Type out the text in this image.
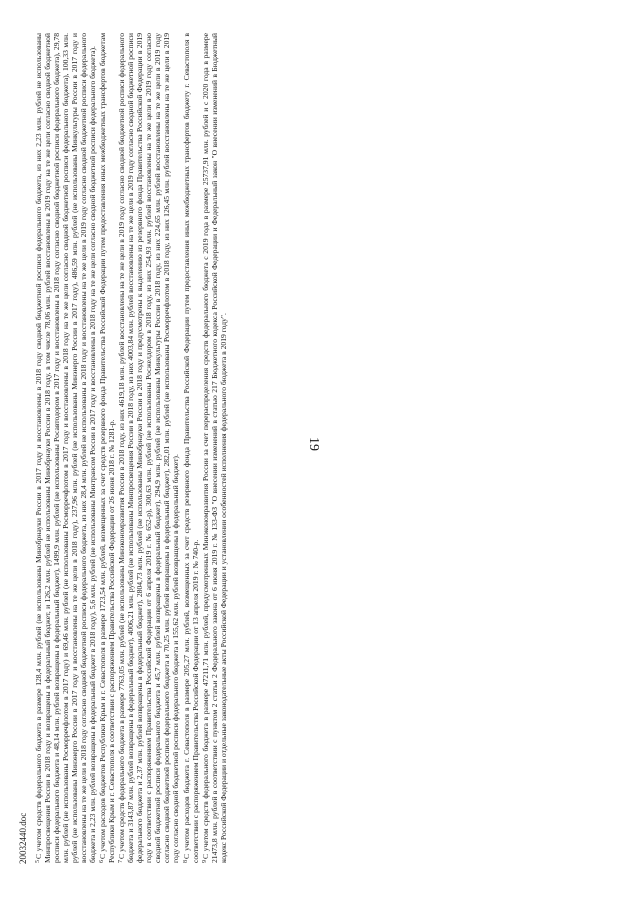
19

$^5$С учетом средств федерального бюджета в размере 128,4 млн. рублей (не использованы Минобрнауки России в 2017 году и восстановлены в 2018 году сводной бюджетной росписи федерального бюджета, из них 2,23 млн. рублей не использованы Минпросвещения России в 2018 году и возвращены в федеральный бюджет, и 126,2 млн. рублей не использованы Минобрнауки России в 2018 году, в том числе 78,06 млн. рублей восстановлены в 2019 году на те же цели согласно сводной бюджетной росписи федерального бюджета и 48,14 млн. рублей возвращены в федеральный бюджет), 1499,9 млн. рублей (не использованы Росавтодором в 2017 году и восстановлены в 2018 году согласно сводной бюджетной росписи федерального бюджета), 29,78 млн. рублей (не использованы Росморречфлотом в 2017 году) и 69,46 млн. рублей (не использованы Росморречфлотом в 2017 году и восстановлены в 2018 году на те же цели согласно сводной бюджетной росписи федерального бюджета), 100,33 млн. рублей (не использованы Минэнерго России в 2017 году и восстановлены на те же цели в 2018 году), 237,96 млн. рублей (не использованы Минэнерго России в 2017 году), 486,59 млн. рублей (не использованы Минкультуры России в 2017 году и восстановлены на те же цели в 2018 году согласно сводной бюджетной росписи федерального бюджета, из них 28,4 млн. рублей не использованы в 2018 году и восстановлены на те же цели в 2019 году согласно сводной бюджетной росписи федерального бюджета и 2,23 млн. рублей возвращены в федеральный бюджет в 2018 году), 5,6 млн. рублей (не использованы Минтрансом России в 2017 году и восстановлены в 2018 году на те же цели согласно сводной бюджетной росписи федерального бюджета). $^6$С учетом расходов бюджетов Республики Крым и г. Севастополя в размере 1723,54 млн. рублей, возмещенных за счет средств резервного фонда Правительства Российской Федерации путем предоставления иных межбюджетных трансфертов бюджетам Республики Крым и г. Севастополя в соответствии с распоряжением Правительства Российской Федерации от 26 июня 2018 г. № 1281-р. $^7$С учетом средств федерального бюджета в размере 7763,05 млн. рублей (не использованы Минэкономразвития России в 2018 году, из них 4619,18 млн. рублей восстановлены на те же цели в 2019 году согласно сводной бюджетной росписи федерального бюджета и 3143,87 млн. рублей возвращены в федеральный бюджет), 4006,21 млн. рублей (не использованы Минпросвещения России в 2018 году, из них 4003,84 млн. рублей восстановлены на те же цели в 2019 году согласно сводной бюджетной росписи федерального бюджета и 2,37 млн. рублей возвращены в федеральный бюджет), 2804,73 млн. рублей (не использованы Минобрнауки России в 2018 году и предусмотрены к выделению из резервного фонда Правительства Российской Федерации в 2019 году в соответствии с распоряжением Правительства Российской Федерации от 6 апреля 2019 г. № 652-р), 300,63 млн. рублей (не использованы Росжелдором в 2018 году, из них 254,93 млн. рублей восстановлены на те же цели в 2019 году согласно сводной бюджетной росписи федерального бюджета и 45,7 млн. рублей возвращены в федеральный бюджет), 294,9 млн. рублей (не использованы Минкультуры России в 2018 году, из них 224,65 млн. рублей восстановлены на те же цели в 2019 году согласно сводной бюджетной росписи федерального бюджета и 70,25 млн. рублей возвращены в федеральный бюджет), 282,01 млн. рублей (не использованы Росморречфлотом в 2018 году, из них 126,45 млн. рублей восстановлены на те же цели в 2019 году согласно сводной бюджетной росписи федерального бюджета и 155,62 млн. рублей возвращены в федеральный бюджет). $^8$С учетом расходов бюджета г. Севастополя в размере 205,27 млн. рублей, возмещенных за счет средств резервного фонда Правительства Российской Федерации путем предоставления иных межбюджетных трансфертов бюджету г. Севастополя в соответствии с распоряжением Правительства Российской Федерации от 13 апреля 2019 г. № 740-р. $^9$С учетом средств федерального бюджета в размере 47211,71 млн. рублей, предусмотренных Минэкономразвития России за счет перераспределения средств федерального бюджета с 2019 года в размере 25737,91 млн. рублей и с 2020 года в размере 21473,8 млн. рублей в соответствии с пунктом 2 статьи 2 Федерального закона от 6 июня 2019 г. № 133-ФЗ "О внесении изменений в статью 217 Бюджетного кодекса Российской Федерации и Федеральный закон "О внесении изменений в Бюджетный кодекс Российской Федерации и отдельные законодательные акты Российской Федерации и установлении особенностей исполнения федерального бюджета в 2019 году".

20032440.doc
